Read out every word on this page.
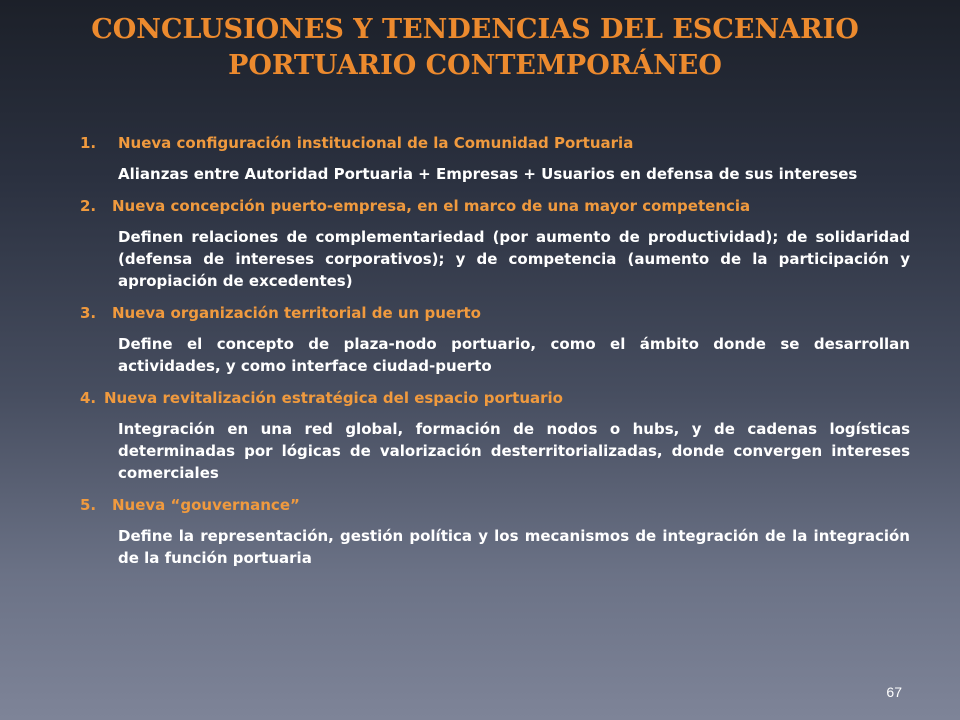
CONCLUSIONES Y TENDENCIAS DEL ESCENARIO
PORTUARIO CONTEMPORÁNEO
1. Nueva configuración institucional de la Comunidad Portuaria
Alianzas entre Autoridad Portuaria + Empresas + Usuarios en defensa de sus intereses
2. Nueva concepción puerto-empresa, en el marco de una mayor competencia
Definen relaciones de complementariedad (por aumento de productividad); de solidaridad (defensa de intereses corporativos); y de competencia (aumento de la participación y apropiación de excedentes)
3. Nueva organización territorial de un puerto
Define el concepto de plaza-nodo portuario, como el ámbito donde se desarrollan actividades, y como interface ciudad-puerto
4. Nueva revitalización estratégica del espacio portuario
Integración en una red global, formación de nodos o hubs, y de cadenas logísticas determinadas por lógicas de valorización desterritorializadas, donde convergen intereses comerciales
5. Nueva “gouvernance”
Define la representación, gestión política y los mecanismos de integración de la integración de la función portuaria
67
